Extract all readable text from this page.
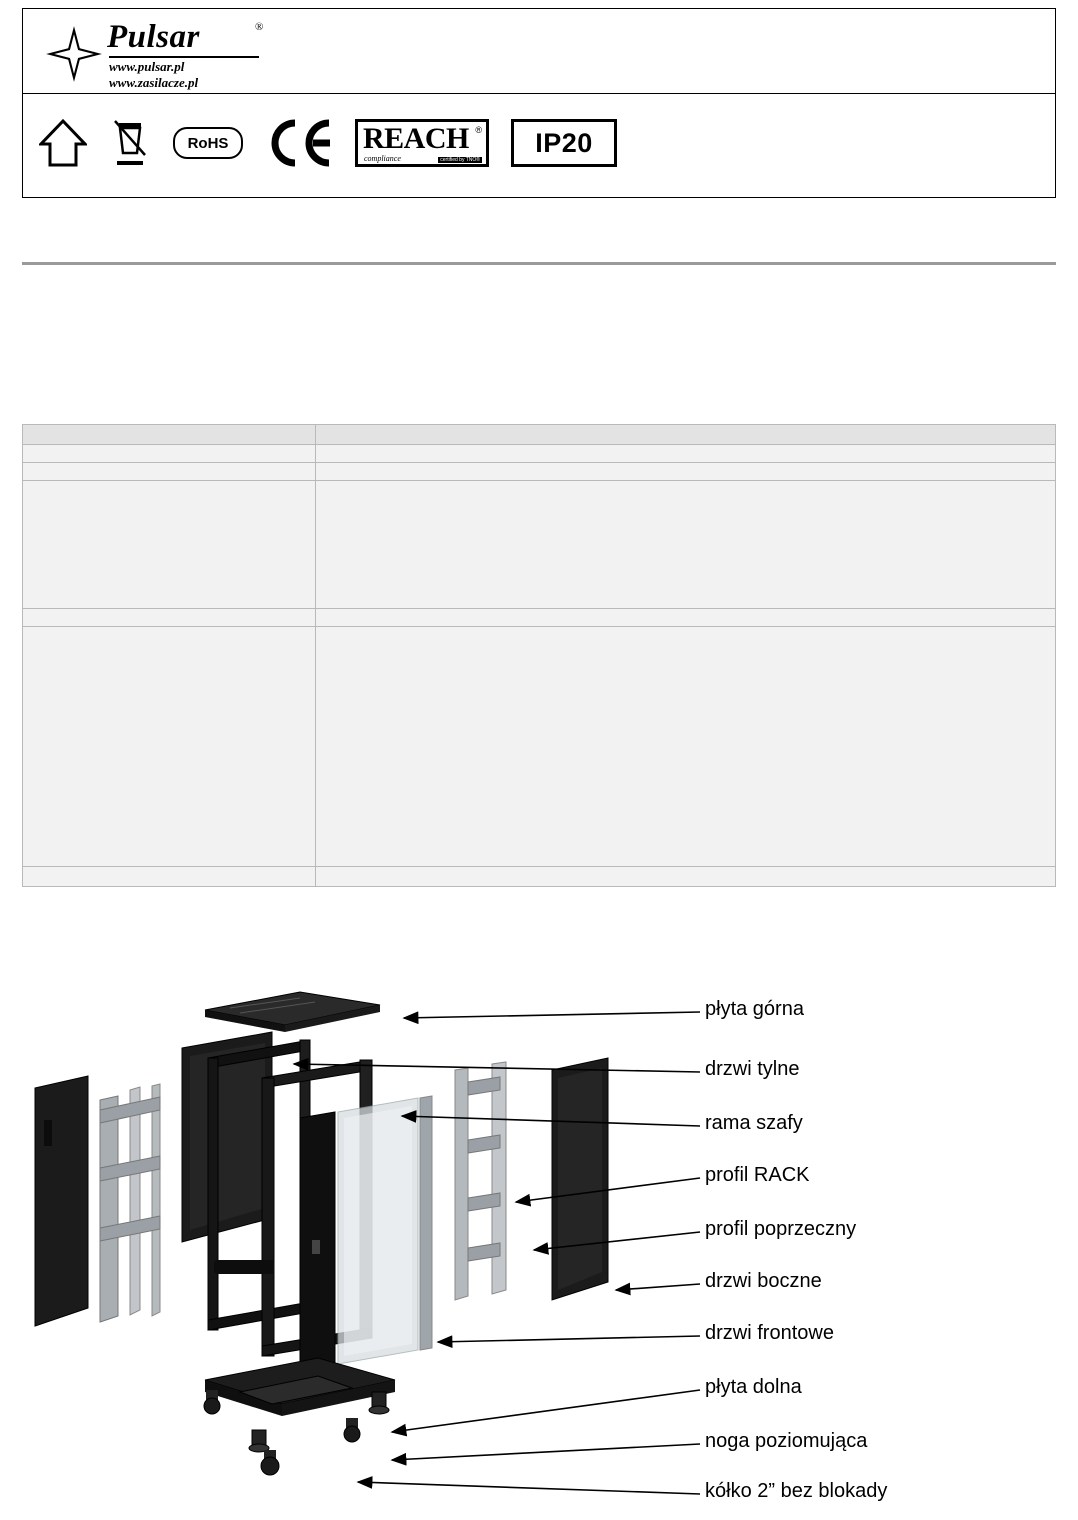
Pulsar	®
www.pulsar.pl
www.zasilacze.pl
RoHS	REACH ®
compliance	certified by TNO®
IP20

płyta górna
drzwi tylne
rama szafy
profil RACK
profil poprzeczny
drzwi boczne
drzwi frontowe
płyta dolna
noga poziomująca
kółko 2” bez blokady
